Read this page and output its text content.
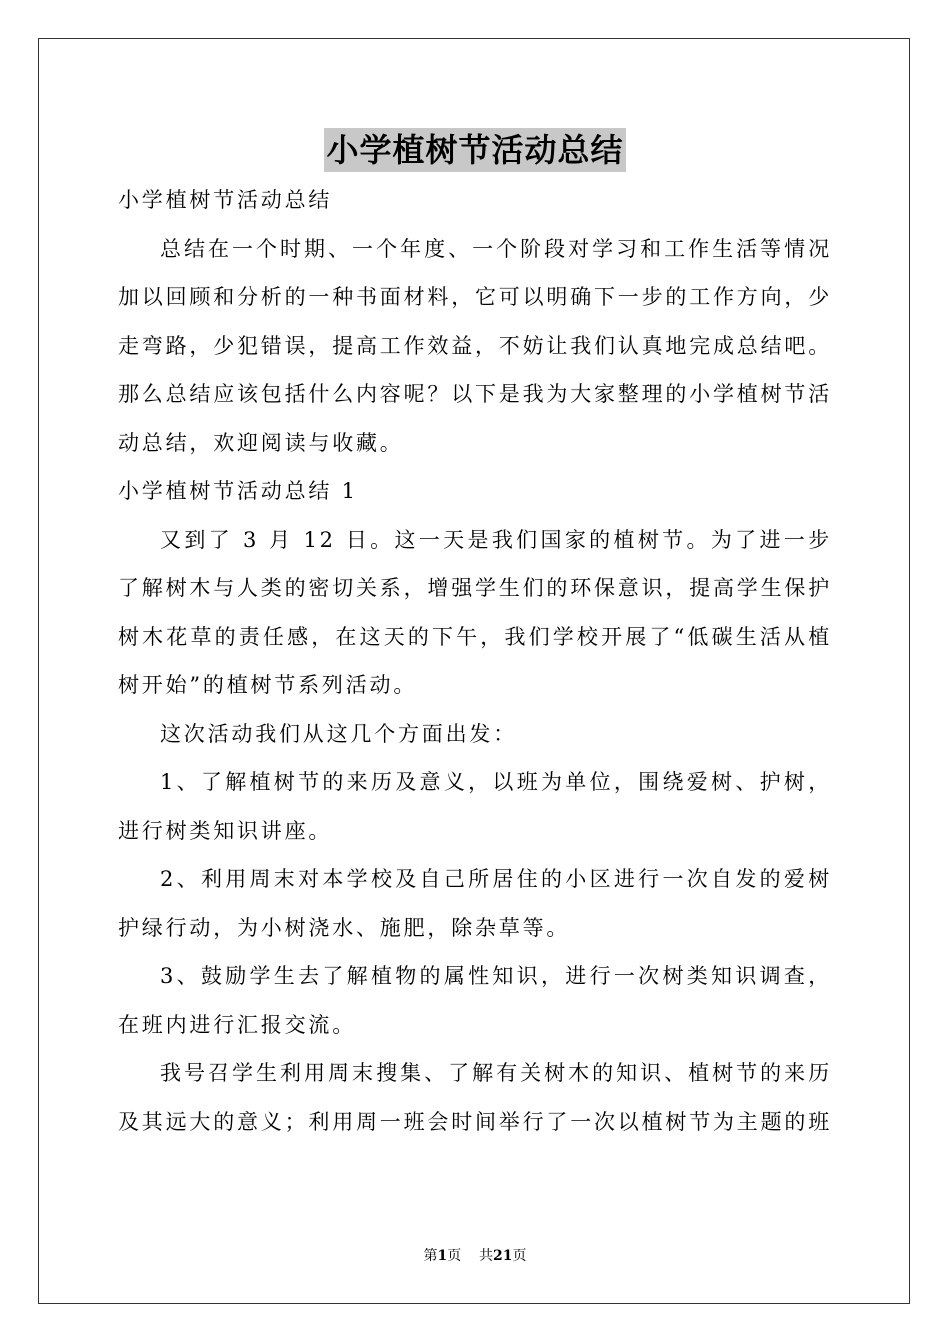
小学植树节活动总结

小学植树节活动总结

总结在一个时期、一个年度、一个阶段对学习和工作生活等情况加以回顾和分析的一种书面材料，它可以明确下一步的工作方向，少走弯路，少犯错误，提高工作效益，不妨让我们认真地完成总结吧。那么总结应该包括什么内容呢？以下是我为大家整理的小学植树节活动总结，欢迎阅读与收藏。

小学植树节活动总结 1

又到了 3 月 12 日。这一天是我们国家的植树节。为了进一步了解树木与人类的密切关系，增强学生们的环保意识，提高学生保护树木花草的责任感，在这天的下午，我们学校开展了“低碳生活从植树开始”的植树节系列活动。

这次活动我们从这几个方面出发：

1、了解植树节的来历及意义，以班为单位，围绕爱树、护树，进行树类知识讲座。

2、利用周末对本学校及自己所居住的小区进行一次自发的爱树护绿行动，为小树浇水、施肥，除杂草等。

3、鼓励学生去了解植物的属性知识，进行一次树类知识调查，在班内进行汇报交流。

我号召学生利用周末搜集、了解有关树木的知识、植树节的来历及其远大的意义；利用周一班会时间举行了一次以植树节为主题的班

第1页 共21页
